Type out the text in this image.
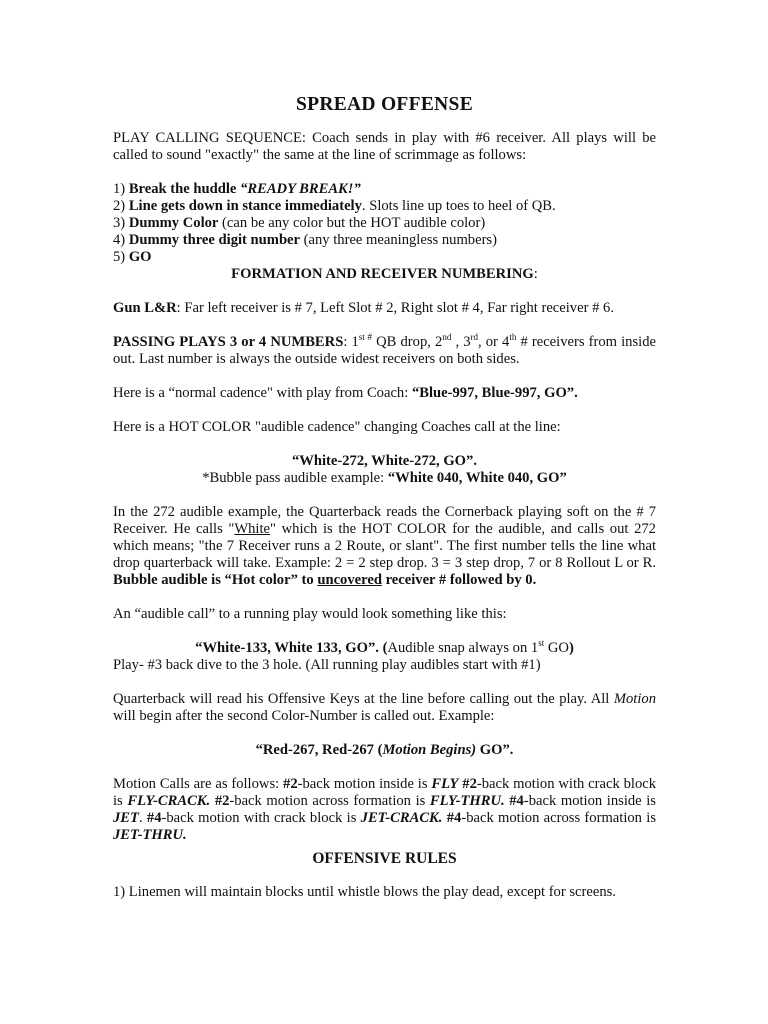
SPREAD OFFENSE

PLAY CALLING SEQUENCE: Coach sends in play with #6 receiver. All plays will be called to sound "exactly" the same at the line of scrimmage as follows:

1) Break the huddle “READY BREAK!”

2) Line gets down in stance immediately. Slots line up toes to heel of QB.

3) Dummy Color (can be any color but the HOT audible color)

4) Dummy three digit number (any three meaningless numbers)

5) GO

FORMATION AND RECEIVER NUMBERING:

Gun L&R: Far left receiver is # 7, Left Slot # 2, Right slot # 4, Far right receiver # 6.

PASSING PLAYS 3 or 4 NUMBERS: $1^{st \#}$ QB drop, 2nd , 3rd, or 4th # receivers from inside out. Last number is always the outside widest receivers on both sides.

Here is a “normal cadence" with play from Coach: “Blue-997, Blue-997, GO”.

Here is a HOT COLOR "audible cadence" changing Coaches call at the line:

“White-272, White-272, GO”.

*Bubble pass audible example: “White 040, White 040, GO”

In the 272 audible example, the Quarterback reads the Cornerback playing soft on the # 7 Receiver. He calls "White" which is the HOT COLOR for the audible, and calls out 272 which means; "the 7 Receiver runs a 2 Route, or slant". The first number tells the line what drop quarterback will take. Example: 2 = 2 step drop. 3 = 3 step drop, 7 or 8 Rollout L or R. Bubble audible is “Hot color” to uncovered receiver # followed by 0.

An “audible call” to a running play would look something like this:

“White-133, White 133, GO”. (Audible snap always on 1st GO)

Play- #3 back dive to the 3 hole. (All running play audibles start with #1)

Quarterback will read his Offensive Keys at the line before calling out the play. All Motion will begin after the second Color-Number is called out. Example:

“Red-267, Red-267 (Motion Begins) GO”.

Motion Calls are as follows: #2-back motion inside is FLY #2-back motion with crack block is FLY-CRACK. #2-back motion across formation is FLY-THRU. #4-back motion inside is JET. #4-back motion with crack block is JET-CRACK. #4-back motion across formation is JET-THRU.

OFFENSIVE RULES

1) Linemen will maintain blocks until whistle blows the play dead, except for screens.
